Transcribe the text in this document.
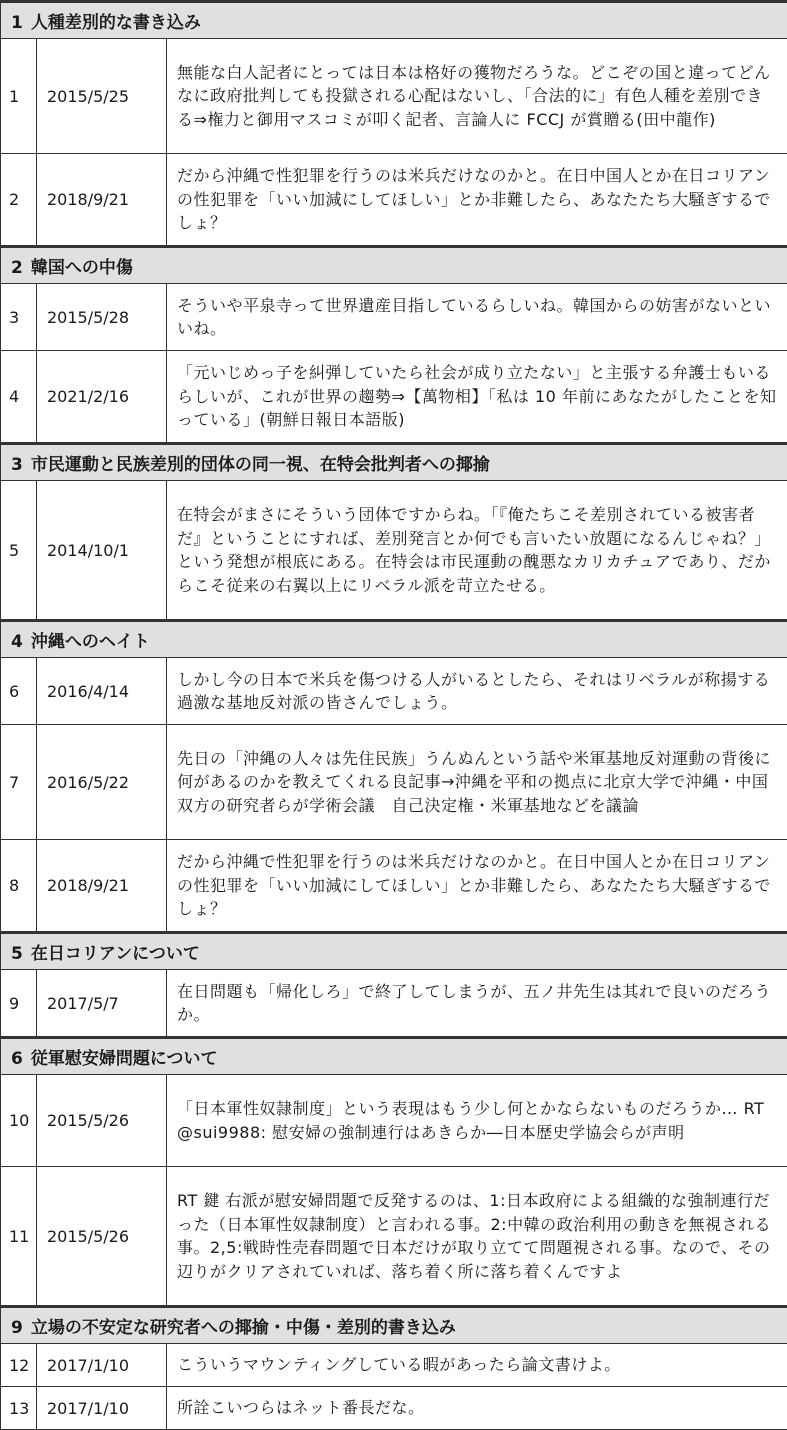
1 人種差別的な書き込み		
1	2015/5/25	無能な白人記者にとっては日本は格好の獲物だろうな。どこぞの国と違ってどんなに政府批判しても投獄される心配はないし、「合法的に」有色人種を差別できる⇒権力と御用マスコミが叩く記者、言論人に FCCJ が賞贈る(田中龍作)
2	2018/9/21	だから沖縄で性犯罪を行うのは米兵だけなのかと。在日中国人とか在日コリアンの性犯罪を「いい加減にしてほしい」とか非難したら、あなたたち大騒ぎするでしょ？
2 韓国への中傷		
3	2015/5/28	そういや平泉寺って世界遺産目指しているらしいね。韓国からの妨害がないといいね。
4	2021/2/16	「元いじめっ子を糾弾していたら社会が成り立たない」と主張する弁護士もいるらしいが、これが世界の趨勢⇒【萬物相】「私は 10 年前にあなたがしたことを知っている」(朝鮮日報日本語版)
3 市民運動と民族差別的団体の同一視、在特会批判者への揶揄		
5	2014/10/1	在特会がまさにそういう団体ですからね。「『俺たちこそ差別されている被害者だ』ということにすれば、差別発言とか何でも言いたい放題になるんじゃね？」という発想が根底にある。在特会は市民運動の醜悪なカリカチュアであり、だからこそ従来の右翼以上にリベラル派を苛立たせる。
4 沖縄へのヘイト		
6	2016/4/14	しかし今の日本で米兵を傷つける人がいるとしたら、それはリベラルが称揚する過激な基地反対派の皆さんでしょう。
7	2016/5/22	先日の「沖縄の人々は先住民族」うんぬんという話や米軍基地反対運動の背後に何があるのかを教えてくれる良記事→沖縄を平和の拠点に北京大学で沖縄・中国双方の研究者らが学術会議　自己決定権・米軍基地などを議論
8	2018/9/21	だから沖縄で性犯罪を行うのは米兵だけなのかと。在日中国人とか在日コリアンの性犯罪を「いい加減にしてほしい」とか非難したら、あなたたち大騒ぎするでしょ？
5 在日コリアンについて		
9	2017/5/7	在日問題も「帰化しろ」で終了してしまうが、五ノ井先生は其れで良いのだろうか。
6 従軍慰安婦問題について		
10	2015/5/26	「日本軍性奴隷制度」という表現はもう少し何とかならないものだろうか… RT @sui9988: 慰安婦の強制連行はあきらか―日本歴史学協会らが声明
11	2015/5/26	RT 鍵 右派が慰安婦問題で反発するのは、1:日本政府による組織的な強制連行だった（日本軍性奴隷制度）と言われる事。2:中韓の政治利用の動きを無視される事。2,5:戦時性売春問題で日本だけが取り立てて問題視される事。なので、その辺りがクリアされていれば、落ち着く所に落ち着くんですよ
9 立場の不安定な研究者への揶揄・中傷・差別的書き込み		
12	2017/1/10	こういうマウンティングしている暇があったら論文書けよ。
13	2017/1/10	所詮こいつらはネット番長だな。
